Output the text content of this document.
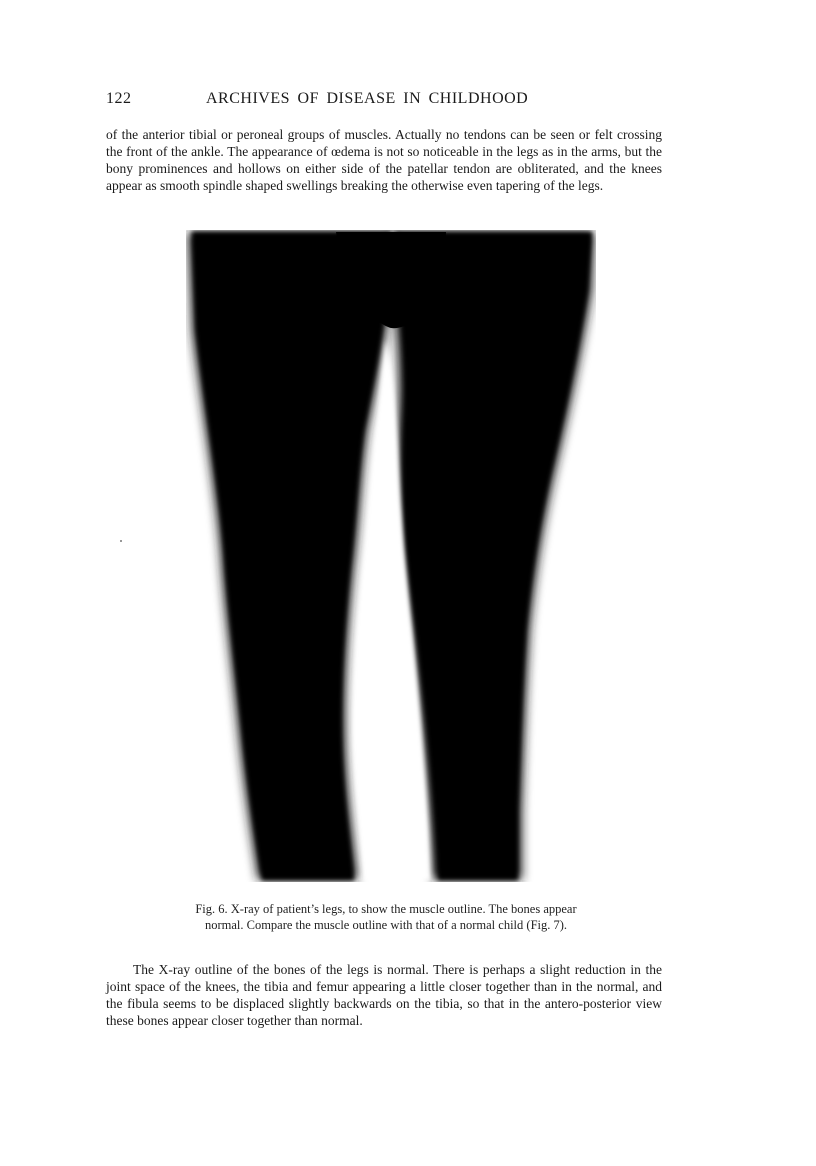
122	ARCHIVES OF DISEASE IN CHILDHOOD

of the anterior tibial or peroneal groups of muscles. Actually no tendons can be seen or felt crossing the front of the ankle. The appearance of œdema is not so noticeable in the legs as in the arms, but the bony prominences and hollows on either side of the patellar tendon are obliterated, and the knees appear as smooth spindle shaped swellings breaking the otherwise even tapering of the legs.

Fig. 6. X-ray of patient’s legs, to show the muscle outline. The bones appear normal. Compare the muscle outline with that of a normal child (Fig. 7).

The X-ray outline of the bones of the legs is normal. There is perhaps a slight reduction in the joint space of the knees, the tibia and femur appearing a little closer together than in the normal, and the fibula seems to be displaced slightly backwards on the tibia, so that in the antero-posterior view these bones appear closer together than normal.
